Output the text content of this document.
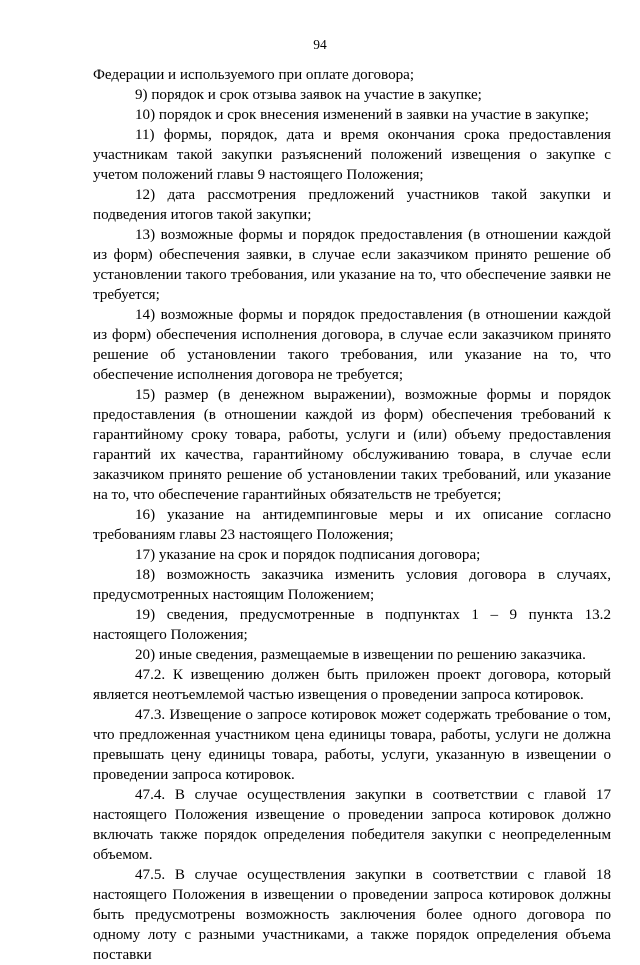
94

Федерации и используемого при оплате договора;

9) порядок и срок отзыва заявок на участие в закупке;

10) порядок и срок внесения изменений в заявки на участие в закупке;

11) формы, порядок, дата и время окончания срока предоставления участникам такой закупки разъяснений положений извещения о закупке с учетом положений главы 9 настоящего Положения;

12) дата рассмотрения предложений участников такой закупки и подведения итогов такой закупки;

13) возможные формы и порядок предоставления (в отношении каждой из форм) обеспечения заявки, в случае если заказчиком принято решение об установлении такого требования, или указание на то, что обеспечение заявки не требуется;

14) возможные формы и порядок предоставления (в отношении каждой из форм) обеспечения исполнения договора, в случае если заказчиком принято решение об установлении такого требования, или указание на то, что обеспечение исполнения договора не требуется;

15) размер (в денежном выражении), возможные формы и порядок предоставления (в отношении каждой из форм) обеспечения требований к гарантийному сроку товара, работы, услуги и (или) объему предоставления гарантий их качества, гарантийному обслуживанию товара, в случае если заказчиком принято решение об установлении таких требований, или указание на то, что обеспечение гарантийных обязательств не требуется;

16) указание на антидемпинговые меры и их описание согласно требованиям главы 23 настоящего Положения;

17) указание на срок и порядок подписания договора;

18) возможность заказчика изменить условия договора в случаях, предусмотренных настоящим Положением;

19) сведения, предусмотренные в подпунктах 1 – 9 пункта 13.2 настоящего Положения;

20) иные сведения, размещаемые в извещении по решению заказчика.

47.2. К извещению должен быть приложен проект договора, который является неотъемлемой частью извещения о проведении запроса котировок.

47.3. Извещение о запросе котировок может содержать требование о том, что предложенная участником цена единицы товара, работы, услуги не должна превышать цену единицы товара, работы, услуги, указанную в извещении о проведении запроса котировок.

47.4. В случае осуществления закупки в соответствии с главой 17 настоящего Положения извещение о проведении запроса котировок должно включать также порядок определения победителя закупки с неопределенным объемом.

47.5. В случае осуществления закупки в соответствии с главой 18 настоящего Положения в извещении о проведении запроса котировок должны быть предусмотрены возможность заключения более одного договора по одному лоту с разными участниками, а также порядок определения объема поставки
